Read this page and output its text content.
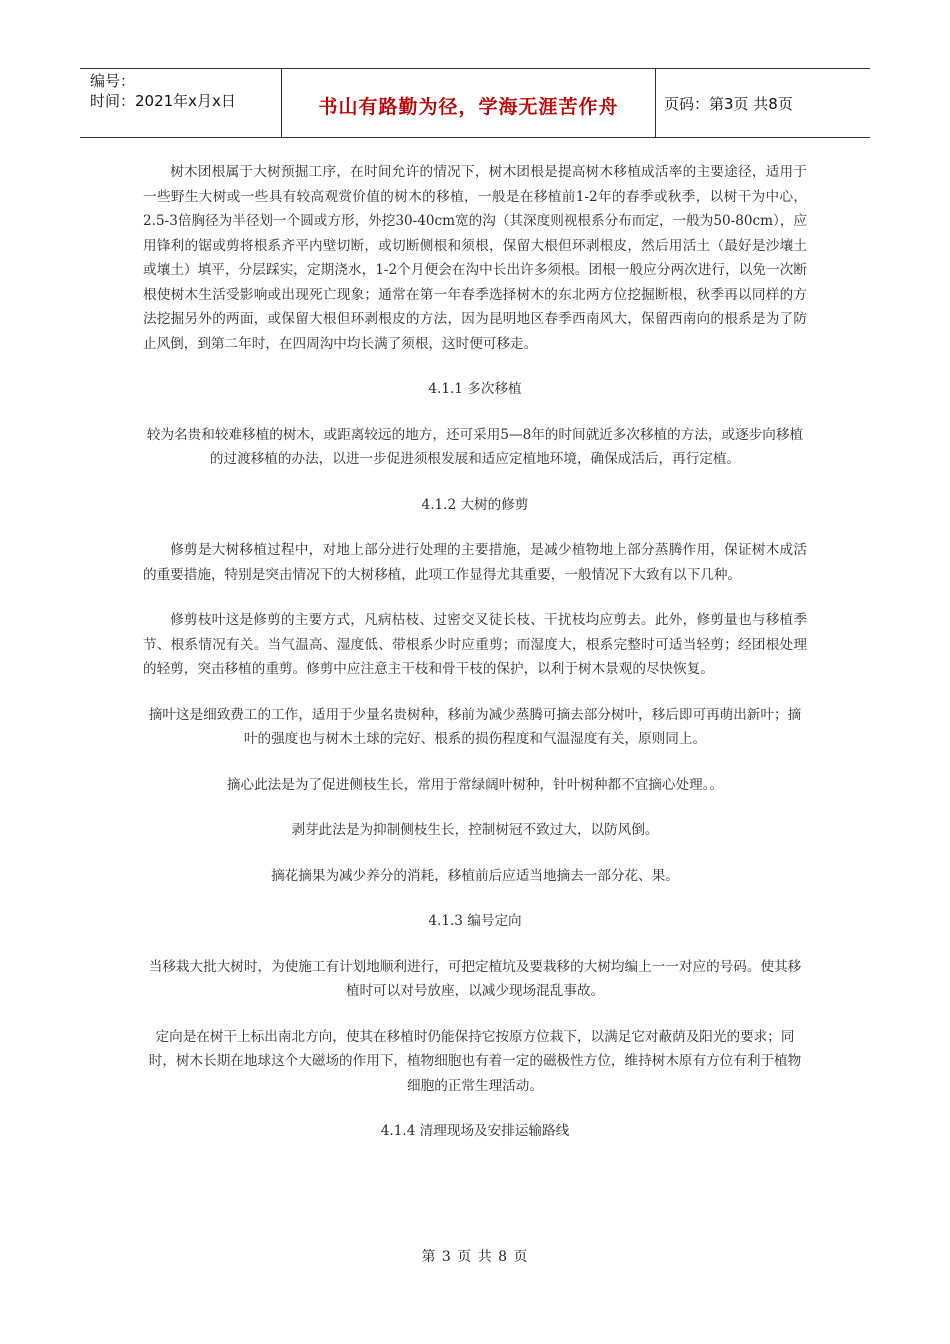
编号：
时间：2021年x月x日	书山有路勤为径，学海无涯苦作舟	页码：第3页 共8页

树木团根属于大树预掘工序，在时间允许的情况下，树木团根是提高树木移植成活率的主要途径，适用于一些野生大树或一些具有较高观赏价值的树木的移植，一般是在移植前1-2年的春季或秋季，以树干为中心，2.5-3倍胸径为半径划一个圆或方形，外挖30-40cm宽的沟（其深度则视根系分布而定，一般为50-80cm），应用锋利的锯或剪将根系齐平内壁切断，或切断侧根和须根，保留大根但环剥根皮，然后用活土（最好是沙壤土或壤土）填平，分层踩实，定期浇水，1-2个月便会在沟中长出许多须根。团根一般应分两次进行，以免一次断根使树木生活受影响或出现死亡现象；通常在第一年春季选择树木的东北两方位挖掘断根，秋季再以同样的方法挖掘另外的两面，或保留大根但环剥根皮的方法，因为昆明地区春季西南风大，保留西南向的根系是为了防止风倒，到第二年时，在四周沟中均长满了须根，这时便可移走。

4.1.1 多次移植

较为名贵和较难移植的树木，或距离较远的地方，还可采用5—8年的时间就近多次移植的方法，或逐步向移植的过渡移植的办法，以进一步促进须根发展和适应定植地环境，确保成活后，再行定植。

4.1.2 大树的修剪

修剪是大树移植过程中，对地上部分进行处理的主要措施，是减少植物地上部分蒸腾作用，保证树木成活的重要措施，特别是突击情况下的大树移植，此项工作显得尤其重要，一般情况下大致有以下几种。

修剪枝叶这是修剪的主要方式，凡病枯枝、过密交叉徒长枝、干扰枝均应剪去。此外，修剪量也与移植季节、根系情况有关。当气温高、湿度低、带根系少时应重剪；而湿度大，根系完整时可适当轻剪；经团根处理的轻剪，突击移植的重剪。修剪中应注意主干枝和骨干枝的保护，以利于树木景观的尽快恢复。

摘叶这是细致费工的工作，适用于少量名贵树种，移前为减少蒸腾可摘去部分树叶，移后即可再萌出新叶；摘叶的强度也与树木土球的完好、根系的损伤程度和气温湿度有关，原则同上。

摘心此法是为了促进侧枝生长，常用于常绿阔叶树种，针叶树种都不宜摘心处理。。

剥芽此法是为抑制侧枝生长，控制树冠不致过大，以防风倒。

摘花摘果为减少养分的消耗，移植前后应适当地摘去一部分花、果。

4.1.3 编号定向

当移栽大批大树时，为使施工有计划地顺利进行，可把定植坑及要栽移的大树均编上一一对应的号码。使其移植时可以对号放座，以减少现场混乱事故。

定向是在树干上标出南北方向，使其在移植时仍能保持它按原方位栽下，以满足它对蔽荫及阳光的要求；同时，树木长期在地球这个大磁场的作用下，植物细胞也有着一定的磁极性方位，维持树木原有方位有利于植物细胞的正常生理活动。

4.1.4 清理现场及安排运输路线
第 3 页 共 8 页
